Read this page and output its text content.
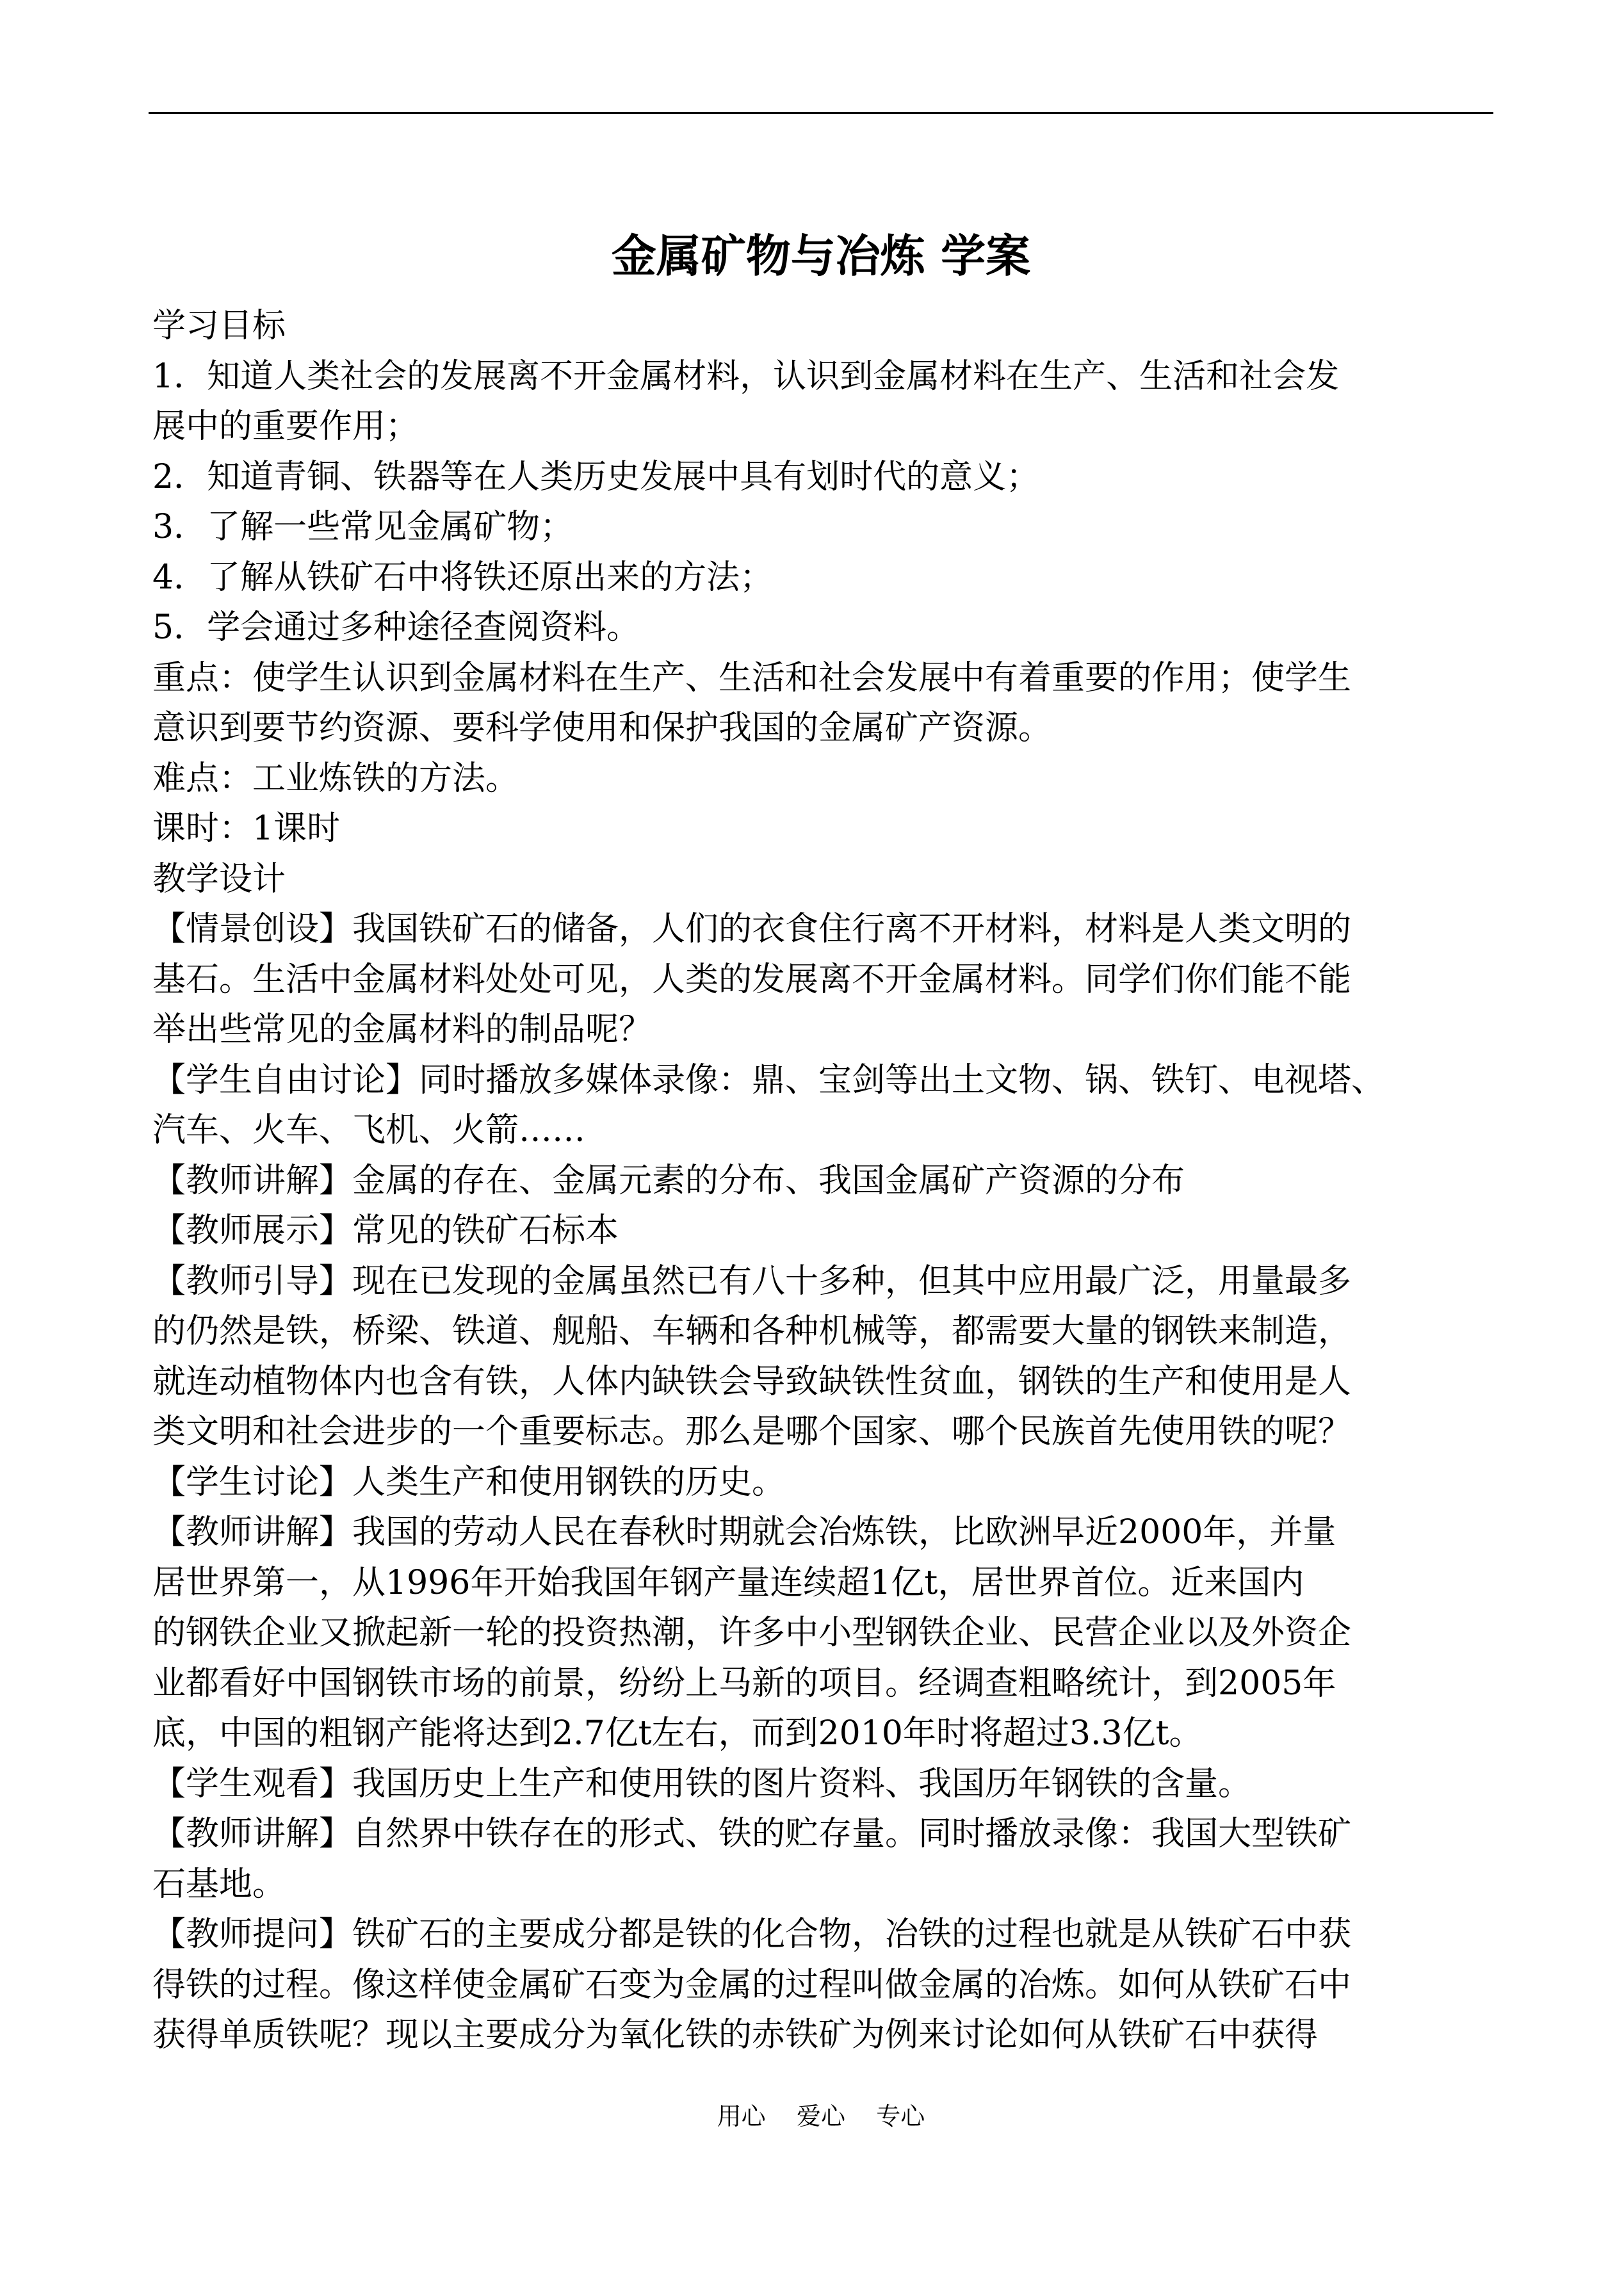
金属矿物与冶炼 学案
学习目标
1．知道人类社会的发展离不开金属材料，认识到金属材料在生产、生活和社会发
展中的重要作用；
2．知道青铜、铁器等在人类历史发展中具有划时代的意义；
3．了解一些常见金属矿物；
4．了解从铁矿石中将铁还原出来的方法；
5．学会通过多种途径查阅资料。
重点：使学生认识到金属材料在生产、生活和社会发展中有着重要的作用；使学生
意识到要节约资源、要科学使用和保护我国的金属矿产资源。
难点：工业炼铁的方法。
课时：1课时
教学设计
【情景创设】我国铁矿石的储备，人们的衣食住行离不开材料，材料是人类文明的
基石。生活中金属材料处处可见，人类的发展离不开金属材料。同学们你们能不能
举出些常见的金属材料的制品呢？
【学生自由讨论】同时播放多媒体录像：鼎、宝剑等出土文物、锅、铁钉、电视塔、
汽车、火车、飞机、火箭……
【教师讲解】金属的存在、金属元素的分布、我国金属矿产资源的分布
【教师展示】常见的铁矿石标本
【教师引导】现在已发现的金属虽然已有八十多种，但其中应用最广泛，用量最多
的仍然是铁，桥梁、铁道、舰船、车辆和各种机械等，都需要大量的钢铁来制造，
就连动植物体内也含有铁，人体内缺铁会导致缺铁性贫血，钢铁的生产和使用是人
类文明和社会进步的一个重要标志。那么是哪个国家、哪个民族首先使用铁的呢？
【学生讨论】人类生产和使用钢铁的历史。
【教师讲解】我国的劳动人民在春秋时期就会冶炼铁，比欧洲早近2000年，并量
居世界第一，从1996年开始我国年钢产量连续超1亿t，居世界首位。近来国内
的钢铁企业又掀起新一轮的投资热潮，许多中小型钢铁企业、民营企业以及外资企
业都看好中国钢铁市场的前景，纷纷上马新的项目。经调查粗略统计，到2005年
底，中国的粗钢产能将达到2.7亿t左右，而到2010年时将超过3.3亿t。
【学生观看】我国历史上生产和使用铁的图片资料、我国历年钢铁的含量。
【教师讲解】自然界中铁存在的形式、铁的贮存量。同时播放录像：我国大型铁矿
石基地。
【教师提问】铁矿石的主要成分都是铁的化合物，冶铁的过程也就是从铁矿石中获
得铁的过程。像这样使金属矿石变为金属的过程叫做金属的冶炼。如何从铁矿石中
获得单质铁呢？现以主要成分为氧化铁的赤铁矿为例来讨论如何从铁矿石中获得
用心    爱心    专心
